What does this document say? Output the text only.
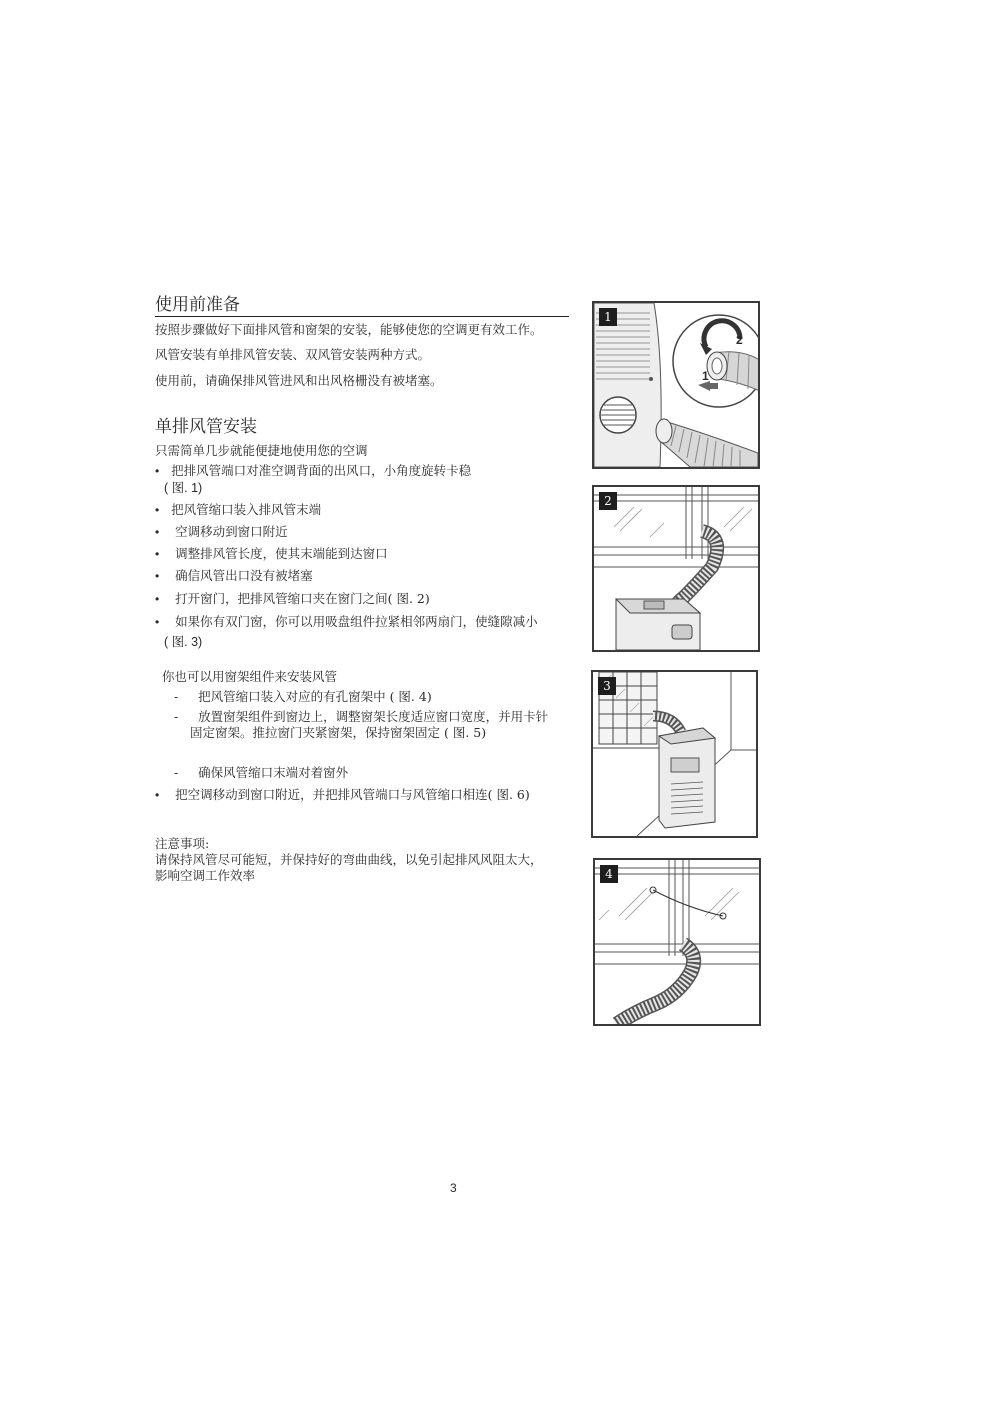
使用前准备
按照步骤做好下面排风管和窗架的安装，能够使您的空调更有效工作。
风管安装有单排风管安装、双风管安装两种方式。
使用前，请确保排风管进风和出风格栅没有被堵塞。
单排风管安装
只需简单几步就能便捷地使用您的空调
• 把排风管端口对准空调背面的出风口，小角度旋转卡稳
( 图. 1)
• 把风管缩口装入排风管末端
• 空调移动到窗口附近
• 调整排风管长度，使其末端能到达窗口
• 确信风管出口没有被堵塞
• 打开窗门，把排风管缩口夹在窗门之间( 图. 2)
• 如果你有双门窗，你可以用吸盘组件拉紧相邻两扇门，使缝隙减小
( 图. 3)
你也可以用窗架组件来安装风管
- 把风管缩口装入对应的有孔窗架中 ( 图. 4)
- 放置窗架组件到窗边上，调整窗架长度适应窗口宽度，并用卡针
固定窗架。推拉窗门夹紧窗架，保持窗架固定 ( 图. 5)
- 确保风管缩口末端对着窗外
• 把空调移动到窗口附近，并把排风管端口与风管缩口相连( 图. 6)
注意事项:
请保持风管尽可能短，并保持好的弯曲曲线，以免引起排风风阻太大，
影响空调工作效率
1
2
1
2
3
4
3
